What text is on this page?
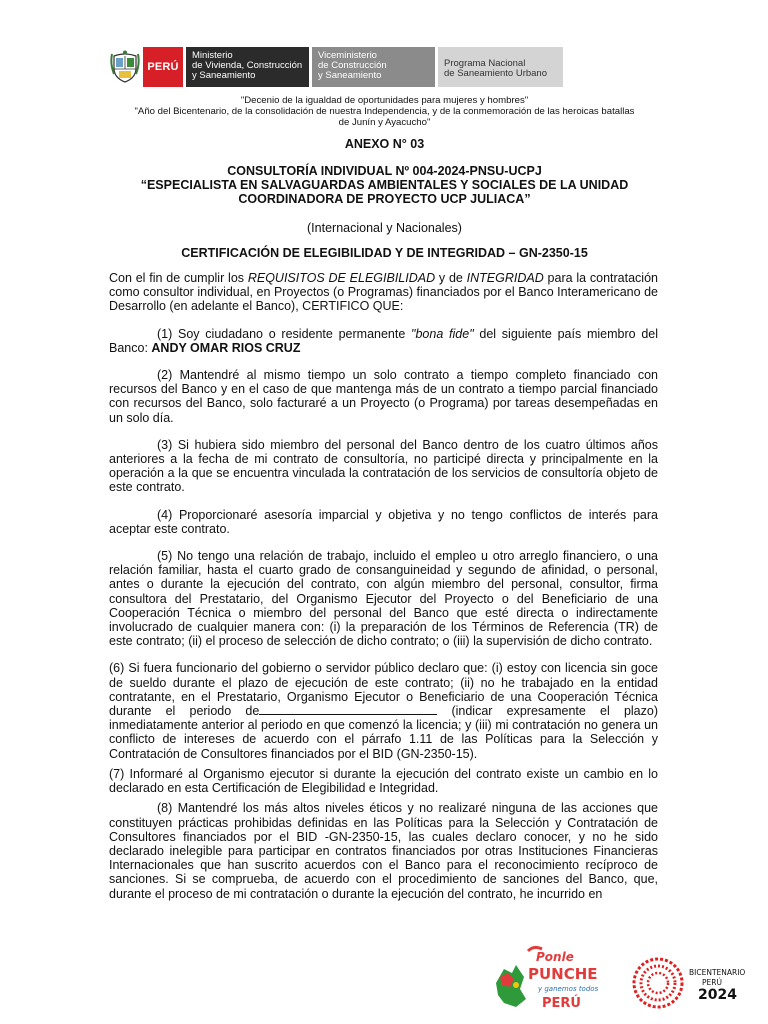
PERÚ
Ministerio
de Vivienda, Construcción
y Saneamiento
Viceministerio
de Construcción
y Saneamiento
Programa Nacional
de Saneamiento Urbano
"Decenio de la igualdad de oportunidades para mujeres y hombres"
"Año del Bicentenario, de la consolidación de nuestra Independencia, y de la conmemoración de las heroicas batallas
de Junín y Ayacucho"
ANEXO N° 03
CONSULTORÍA INDIVIDUAL Nº 004-2024-PNSU-UCPJ
“ESPECIALISTA EN SALVAGUARDAS AMBIENTALES Y SOCIALES DE LA UNIDAD
COORDINADORA DE PROYECTO UCP JULIACA”
(Internacional y Nacionales)
CERTIFICACIÓN DE ELEGIBILIDAD Y DE INTEGRIDAD – GN-2350-15

Con el fin de cumplir los REQUISITOS DE ELEGIBILIDAD y de INTEGRIDAD para la contratación como consultor individual, en Proyectos (o Programas) financiados por el Banco Interamericano de Desarrollo (en adelante el Banco), CERTIFICO QUE:

(1) Soy ciudadano o residente permanente "bona fide" del siguiente país miembro del Banco: ANDY OMAR RIOS CRUZ

(2) Mantendré al mismo tiempo un solo contrato a tiempo completo financiado con recursos del Banco y en el caso de que mantenga más de un contrato a tiempo parcial financiado con recursos del Banco, solo facturaré a un Proyecto (o Programa) por tareas desempeñadas en un solo día.

(3) Si hubiera sido miembro del personal del Banco dentro de los cuatro últimos años anteriores a la fecha de mi contrato de consultoría, no participé directa y principalmente en la operación a la que se encuentra vinculada la contratación de los servicios de consultoría objeto de este contrato.

(4) Proporcionaré asesoría imparcial y objetiva y no tengo conflictos de interés para aceptar este contrato.

(5) No tengo una relación de trabajo, incluido el empleo u otro arreglo financiero, o una relación familiar, hasta el cuarto grado de consanguineidad y segundo de afinidad, o personal, antes o durante la ejecución del contrato, con algún miembro del personal, consultor, firma consultora del Prestatario, del Organismo Ejecutor del Proyecto o del Beneficiario de una Cooperación Técnica o miembro del personal del Banco que esté directa o indirectamente involucrado de cualquier manera con: (i) la preparación de los Términos de Referencia (TR) de este contrato; (ii) el proceso de selección de dicho contrato; o (iii) la supervisión de dicho contrato.

(6) Si fuera funcionario del gobierno o servidor público declaro que: (i) estoy con licencia sin goce de sueldo durante el plazo de ejecución de este contrato; (ii) no he trabajado en la entidad contratante, en el Prestatario, Organismo Ejecutor o Beneficiario de una Cooperación Técnica durante el periodo de	(indicar expresamente el plazo) inmediatamente anterior al periodo en que comenzó la licencia; y (iii) mi contratación no genera un conflicto de intereses de acuerdo con el párrafo 1.11 de las Políticas para la Selección y Contratación de Consultores financiados por el BID (GN-2350-15).

(7) Informaré al Organismo ejecutor si durante la ejecución del contrato existe un cambio en lo declarado en esta Certificación de Elegibilidad e Integridad.

(8) Mantendré los más altos niveles éticos y no realizaré ninguna de las acciones que constituyen prácticas prohibidas definidas en las Políticas para la Selección y Contratación de Consultores financiados por el BID -GN-2350-15, las cuales declaro conocer, y no he sido declarado inelegible para participar en contratos financiados por otras Instituciones Financieras Internacionales que han suscrito acuerdos con el Banco para el reconocimiento recíproco de sanciones. Si se comprueba, de acuerdo con el procedimiento de sanciones del Banco, que, durante el proceso de mi contratación o durante la ejecución del contrato, he incurrido en

Ponle
PUNCHE
y ganemos todos
PERÚ
BICENTENARIO
PERÚ
2024
